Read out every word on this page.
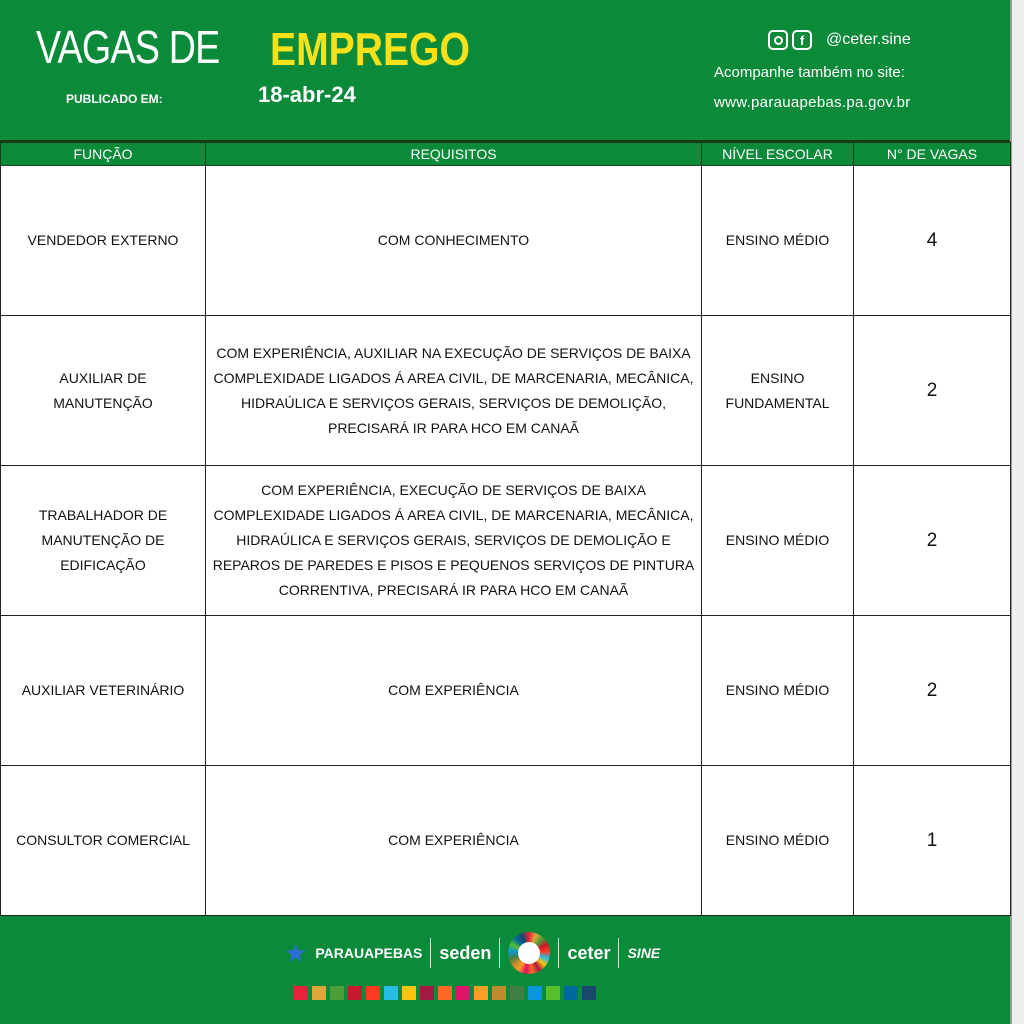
VAGAS DE EMPREGO
PUBLICADO EM:	18-abr-24
f	@ceter.sine
Acompanhe também no site:
www.parauapebas.pa.gov.br
FUNÇÃO	REQUISITOS	NÍVEL ESCOLAR	N° DE VAGAS
VENDEDOR EXTERNO	COM CONHECIMENTO	ENSINO MÉDIO	4
AUXILIAR DE MANUTENÇÃO	COM EXPERIÊNCIA, AUXILIAR NA EXECUÇÃO DE SERVIÇOS DE BAIXA COMPLEXIDADE LIGADOS Á AREA CIVIL, DE MARCENARIA, MECÂNICA, HIDRAÚLICA E SERVIÇOS GERAIS, SERVIÇOS DE DEMOLIÇÃO, PRECISARÁ IR PARA HCO EM CANAÃ	ENSINO FUNDAMENTAL	2
TRABALHADOR DE MANUTENÇÃO DE EDIFICAÇÃO	COM EXPERIÊNCIA, EXECUÇÃO DE SERVIÇOS DE BAIXA COMPLEXIDADE LIGADOS Á AREA CIVIL, DE MARCENARIA, MECÂNICA, HIDRAÚLICA E SERVIÇOS GERAIS, SERVIÇOS DE DEMOLIÇÃO E REPAROS DE PAREDES E PISOS E PEQUENOS SERVIÇOS DE PINTURA CORRENTIVA, PRECISARÁ IR PARA HCO EM CANAÃ	ENSINO MÉDIO	2
AUXILIAR VETERINÁRIO	COM EXPERIÊNCIA	ENSINO MÉDIO	2
CONSULTOR COMERCIAL	COM EXPERIÊNCIA	ENSINO MÉDIO	1
★ PARAUAPEBAS seden	ceter SINE
